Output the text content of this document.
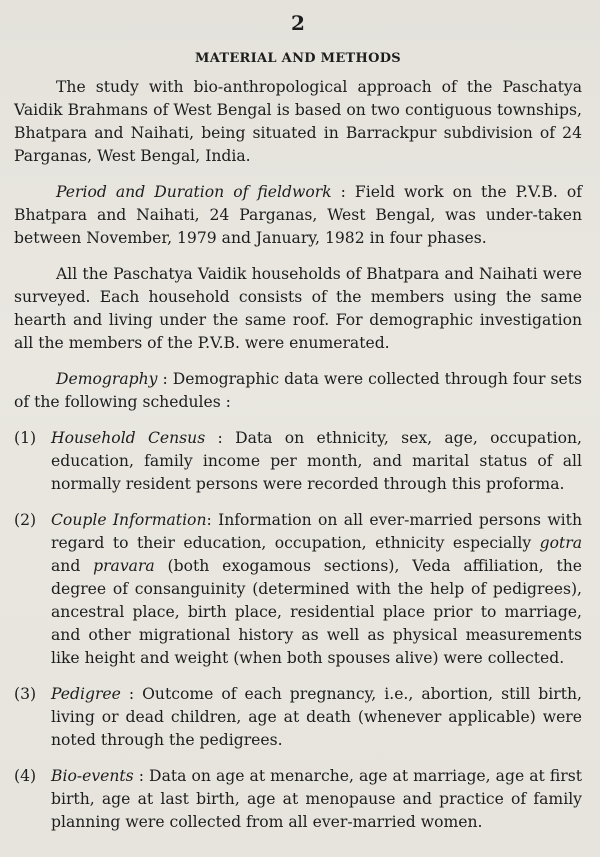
2
MATERIAL AND METHODS

The study with bio-anthropological approach of the Paschatya Vaidik Brahmans of West Bengal is based on two contiguous townships, Bhatpara and Naihati, being situated in Barrackpur subdivision of 24 Parganas, West Bengal, India.

Period and Duration of fieldwork : Field work on the P.V.B. of Bhatpara and Naihati, 24 Parganas, West Bengal, was under-taken between November, 1979 and January, 1982 in four phases.

All the Paschatya Vaidik households of Bhatpara and Naihati were surveyed. Each household consists of the members using the same hearth and living under the same roof. For demographic investigation all the members of the P.V.B. were enumerated.

Demography : Demographic data were collected through four sets of the following schedules :

(1) Household Census : Data on ethnicity, sex, age, occupation, education, family income per month, and marital status of all normally resident persons were recorded through this proforma.
(2) Couple Information: Information on all ever-married persons with regard to their education, occupation, ethnicity especially gotra and pravara (both exogamous sections), Veda affiliation, the degree of consanguinity (determined with the help of pedigrees), ancestral place, birth place, residential place prior to marriage, and other migrational history as well as physical measurements like height and weight (when both spouses alive) were collected.
(3) Pedigree : Outcome of each pregnancy, i.e., abortion, still birth, living or dead children, age at death (whenever applicable) were noted through the pedigrees.
(4) Bio-events : Data on age at menarche, age at marriage, age at first birth, age at last birth, age at menopause and practice of family planning were collected from all ever-married women.
